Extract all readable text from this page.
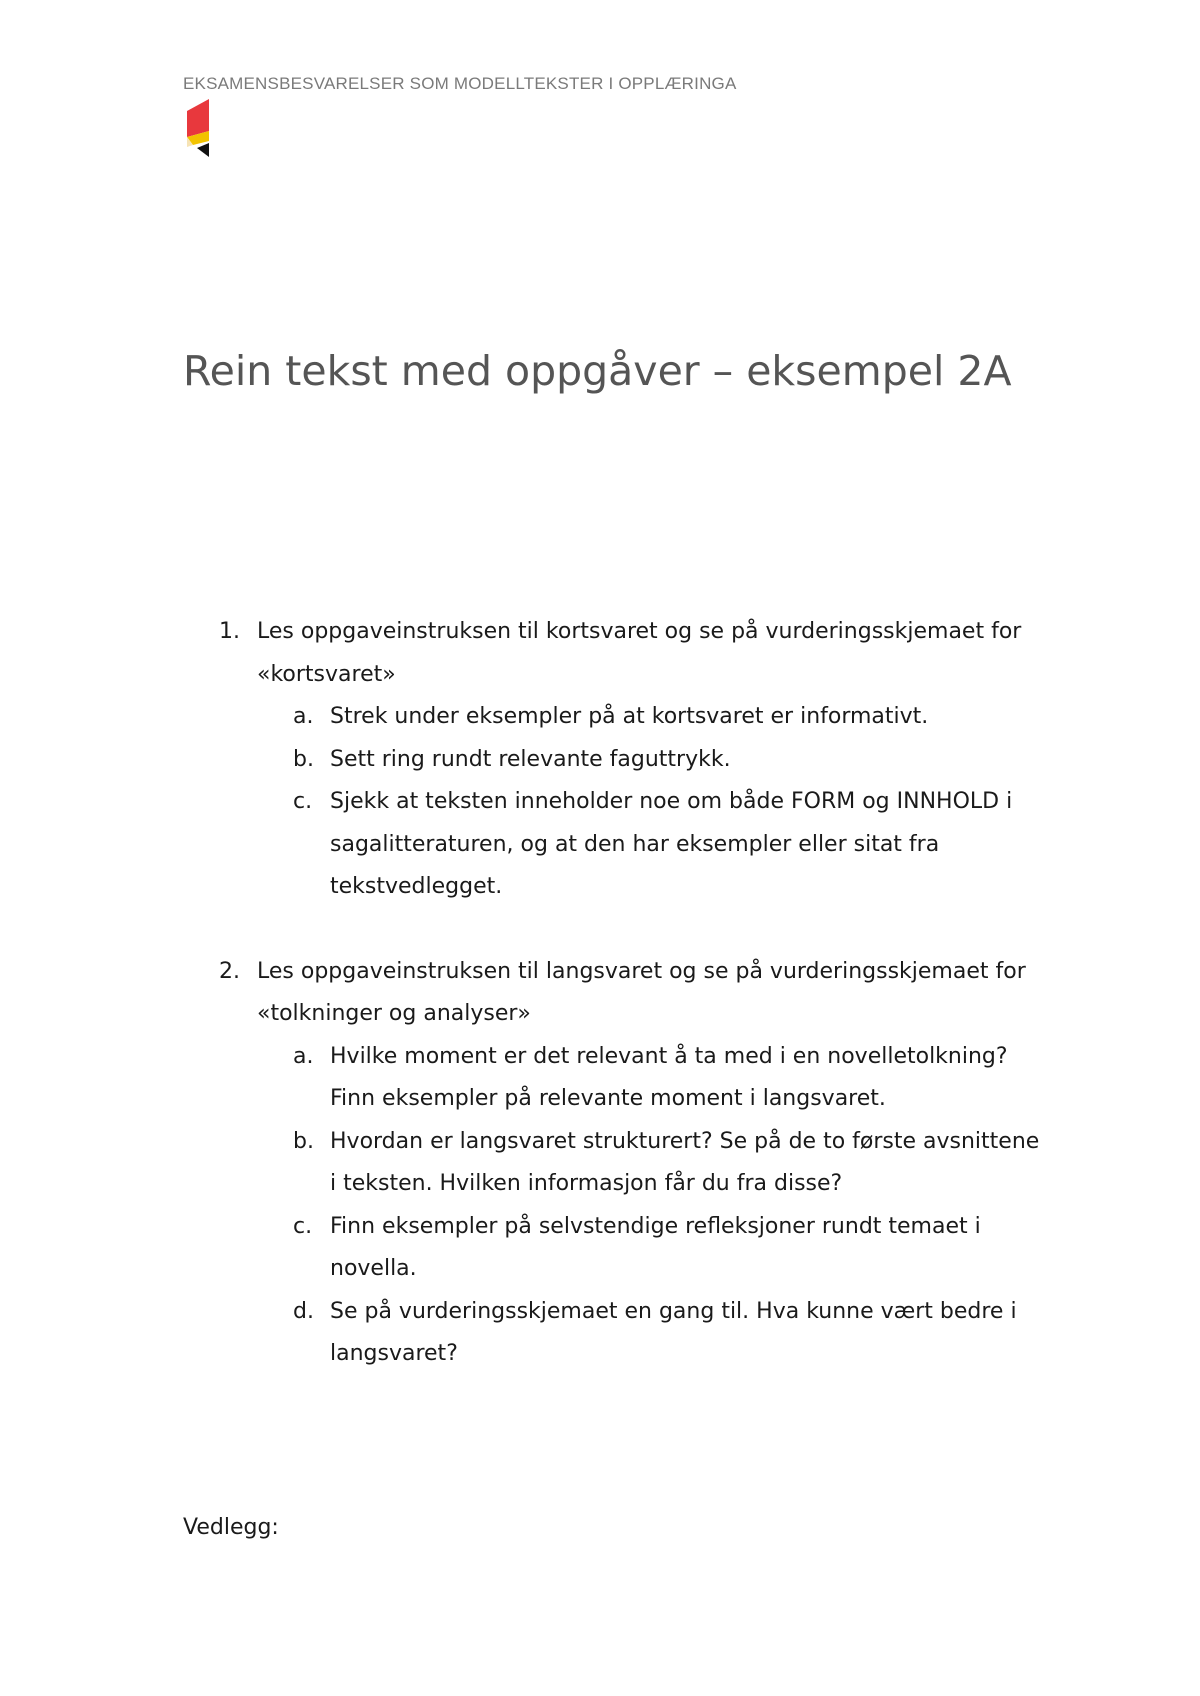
EKSAMENSBESVARELSER SOM MODELLTEKSTER I OPPLÆRINGA
Rein tekst med oppgåver – eksempel 2A
1. Les oppgaveinstruksen til kortsvaret og se på vurderingsskjemaet for «kortsvaret»
a. Strek under eksempler på at kortsvaret er informativt.
b. Sett ring rundt relevante faguttrykk.
c. Sjekk at teksten inneholder noe om både FORM og INNHOLD i sagalitteraturen, og at den har eksempler eller sitat fra tekstvedlegget.
2. Les oppgaveinstruksen til langsvaret og se på vurderingsskjemaet for «tolkninger og analyser»
a. Hvilke moment er det relevant å ta med i en novelletolkning? Finn eksempler på relevante moment i langsvaret.
b. Hvordan er langsvaret strukturert? Se på de to første avsnittene i teksten. Hvilken informasjon får du fra disse?
c. Finn eksempler på selvstendige refleksjoner rundt temaet i novella.
d. Se på vurderingsskjemaet en gang til. Hva kunne vært bedre i langsvaret?
Vedlegg:
